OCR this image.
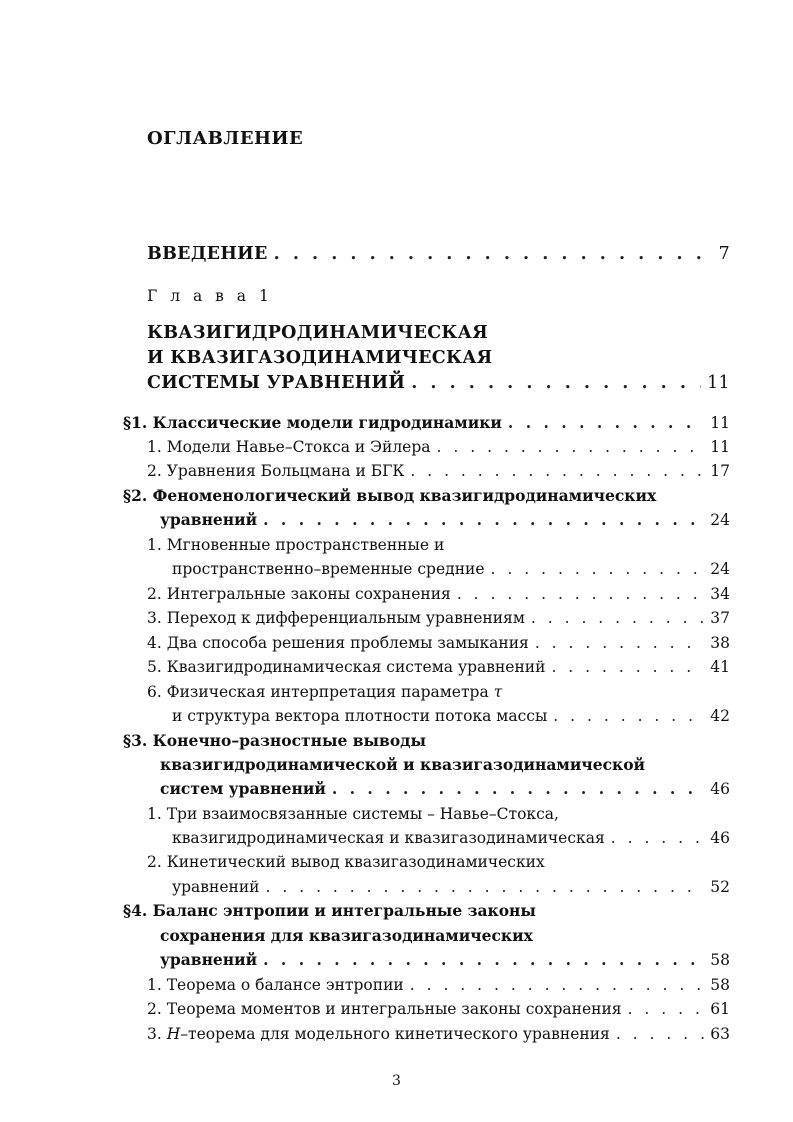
ОГЛАВЛЕНИЕ
ВВЕДЕНИЕ . . .	7
Г л а в а 1
КВАЗИГИДРОДИНАМИЧЕСКАЯ
И КВАЗИГАЗОДИНАМИЧЕСКАЯ
СИСТЕМЫ УРАВНЕНИЙ . . .	11
§1. Классические модели гидродинамики . . .	11
1. Модели Навье–Стокса и Эйлера . . .	11
2. Уравнения Больцмана и БГК . . .	17
§2. Феноменологический вывод квазигидродинамических
уравнений . . .	24
1. Мгновенные пространственные и
пространственно–временные средние . . .	24
2. Интегральные законы сохранения . . .	34
3. Переход к дифференциальным уравнениям . . .	37
4. Два способа решения проблемы замыкания . . .	38
5. Квазигидродинамическая система уравнений . . .	41
6. Физическая интерпретация параметра τ
и структура вектора плотности потока массы . . .	42
§3. Конечно–разностные выводы
квазигидродинамической и квазигазодинамической
систем уравнений . . .	46
1. Три взаимосвязанные системы – Навье–Стокса,
квазигидродинамическая и квазигазодинамическая . . .	46
2. Кинетический вывод квазигазодинамических
уравнений . . .	52
§4. Баланс энтропии и интегральные законы
сохранения для квазигазодинамических
уравнений . . .	58
1. Теорема о балансе энтропии . . .	58
2. Теорема моментов и интегральные законы сохранения . . .	61
3. H–теорема для модельного кинетического уравнения . . .	63
3
